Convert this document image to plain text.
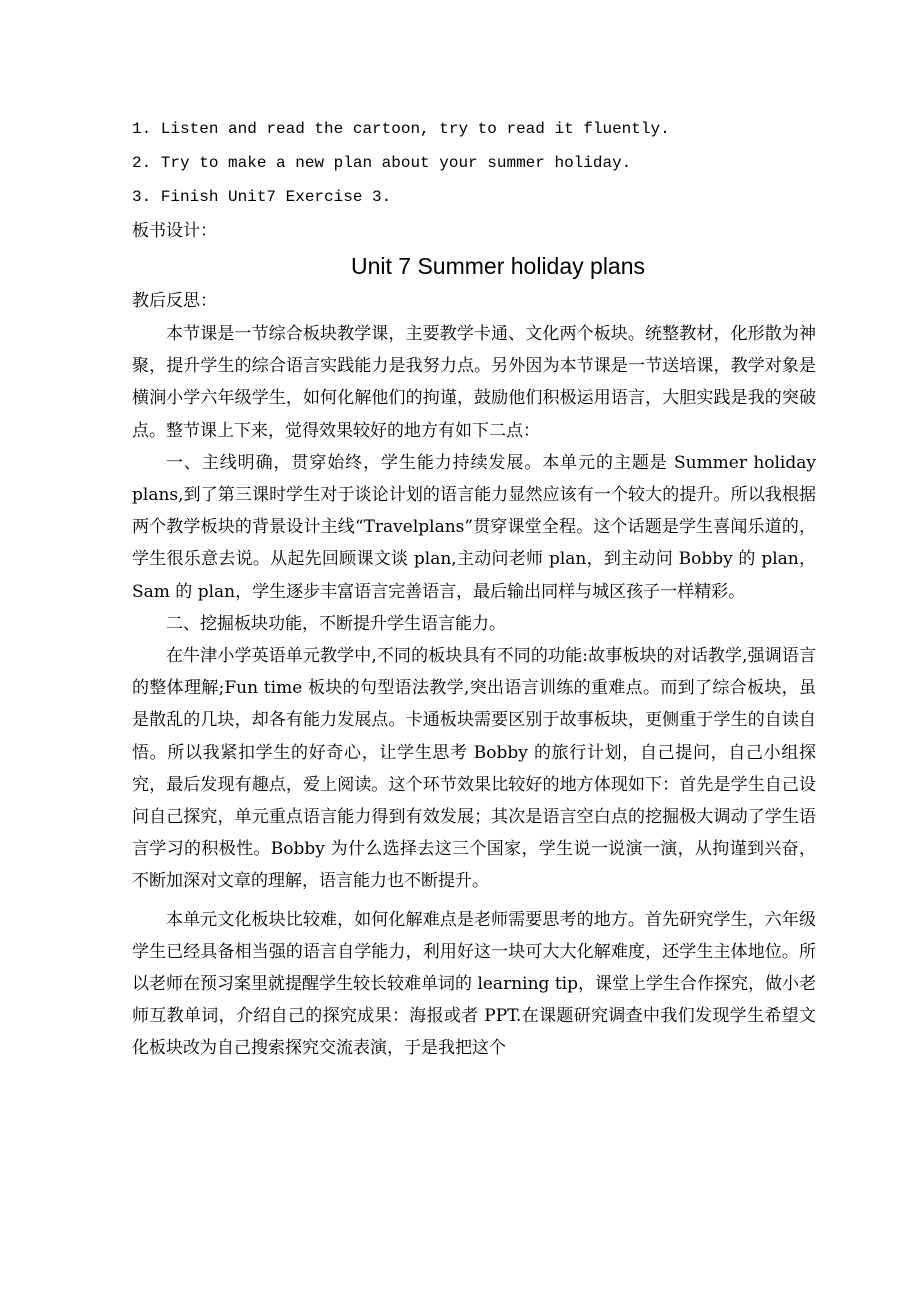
1. Listen and read the cartoon, try to read it fluently.
2. Try to make a new plan about your summer holiday.
3. Finish Unit7 Exercise 3.
板书设计：
Unit 7 Summer holiday plans
教后反思：

本节课是一节综合板块教学课，主要教学卡通、文化两个板块。统整教材，化形散为神聚，提升学生的综合语言实践能力是我努力点。另外因为本节课是一节送培课，教学对象是横涧小学六年级学生，如何化解他们的拘谨，鼓励他们积极运用语言，大胆实践是我的突破点。整节课上下来，觉得效果较好的地方有如下二点：

一、主线明确，贯穿始终，学生能力持续发展。本单元的主题是 Summer holiday plans,到了第三课时学生对于谈论计划的语言能力显然应该有一个较大的提升。所以我根据两个教学板块的背景设计主线“Travelplans”贯穿课堂全程。这个话题是学生喜闻乐道的，学生很乐意去说。从起先回顾课文谈 plan,主动问老师 plan，到主动问 Bobby 的 plan，Sam 的 plan，学生逐步丰富语言完善语言，最后输出同样与城区孩子一样精彩。

二、挖掘板块功能，不断提升学生语言能力。

在牛津小学英语单元教学中,不同的板块具有不同的功能:故事板块的对话教学,强调语言的整体理解;Fun time 板块的句型语法教学,突出语言训练的重难点。而到了综合板块，虽是散乱的几块，却各有能力发展点。卡通板块需要区别于故事板块，更侧重于学生的自读自悟。所以我紧扣学生的好奇心，让学生思考 Bobby 的旅行计划，自己提问，自己小组探究，最后发现有趣点，爱上阅读。这个环节效果比较好的地方体现如下：首先是学生自己设问自己探究，单元重点语言能力得到有效发展；其次是语言空白点的挖掘极大调动了学生语言学习的积极性。Bobby 为什么选择去这三个国家，学生说一说演一演，从拘谨到兴奋，不断加深对文章的理解，语言能力也不断提升。

本单元文化板块比较难，如何化解难点是老师需要思考的地方。首先研究学生，六年级学生已经具备相当强的语言自学能力，利用好这一块可大大化解难度，还学生主体地位。所以老师在预习案里就提醒学生较长较难单词的 learning tip，课堂上学生合作探究，做小老师互教单词，介绍自己的探究成果：海报或者 PPT.在课题研究调查中我们发现学生希望文化板块改为自己搜索探究交流表演，于是我把这个
